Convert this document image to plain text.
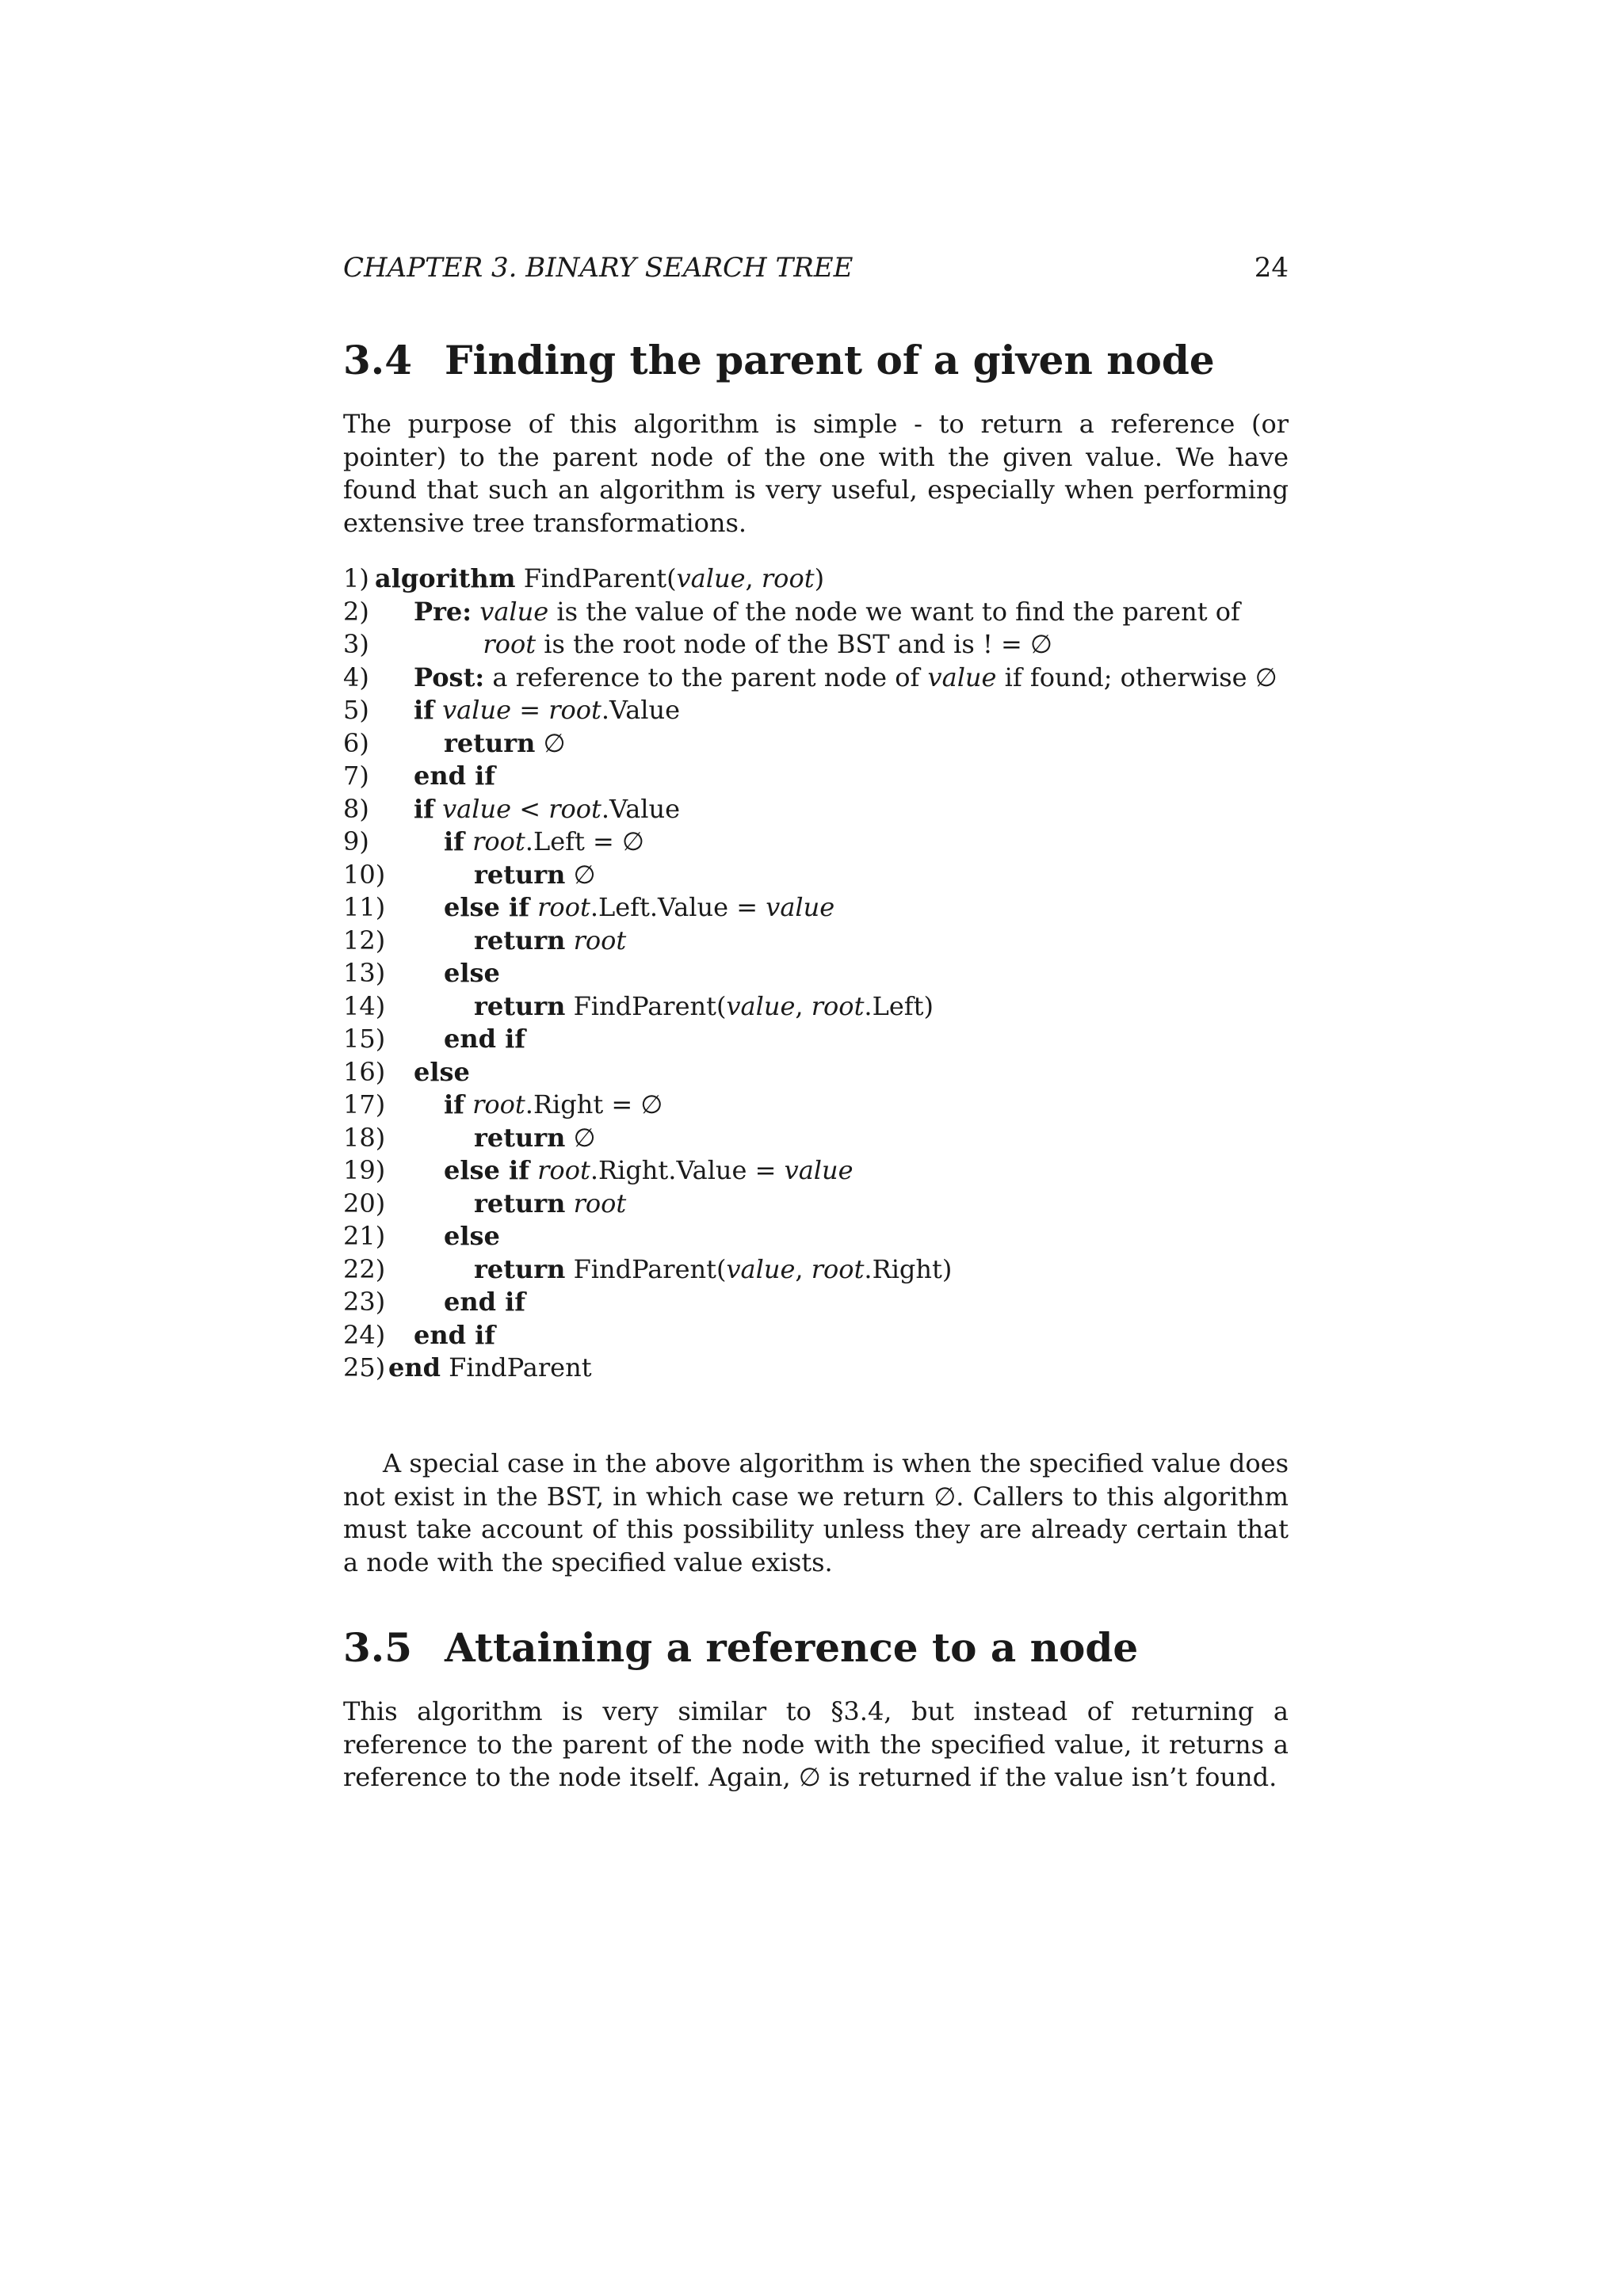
CHAPTER 3. BINARY SEARCH TREE	24
3.4 Finding the parent of a given node

The purpose of this algorithm is simple - to return a reference (or pointer) to the parent node of the one with the given value. We have found that such an algorithm is very useful, especially when performing extensive tree transformations.

1) algorithm FindParent(value, root)
2) Pre: value is the value of the node we want to find the parent of
3)	root is the root node of the BST and is ! = ∅
4) Post: a reference to the parent node of value if found; otherwise ∅
5) if value = root.Value
6)	return ∅
7) end if
8) if value < root.Value
9)	if root.Left = ∅
10)	return ∅
11) else if root.Left.Value = value
12)	return root
13) else
14)	return FindParent(value, root.Left)
15) end if
16) else
17) if root.Right = ∅
18)	return ∅
19) else if root.Right.Value = value
20)	return root
21) else
22)	return FindParent(value, root.Right)
23) end if
24) end if
25) end FindParent

A special case in the above algorithm is when the specified value does not exist in the BST, in which case we return ∅. Callers to this algorithm must take account of this possibility unless they are already certain that a node with the specified value exists.

3.5 Attaining a reference to a node

This algorithm is very similar to §3.4, but instead of returning a reference to the parent of the node with the specified value, it returns a reference to the node itself. Again, ∅ is returned if the value isn’t found.
